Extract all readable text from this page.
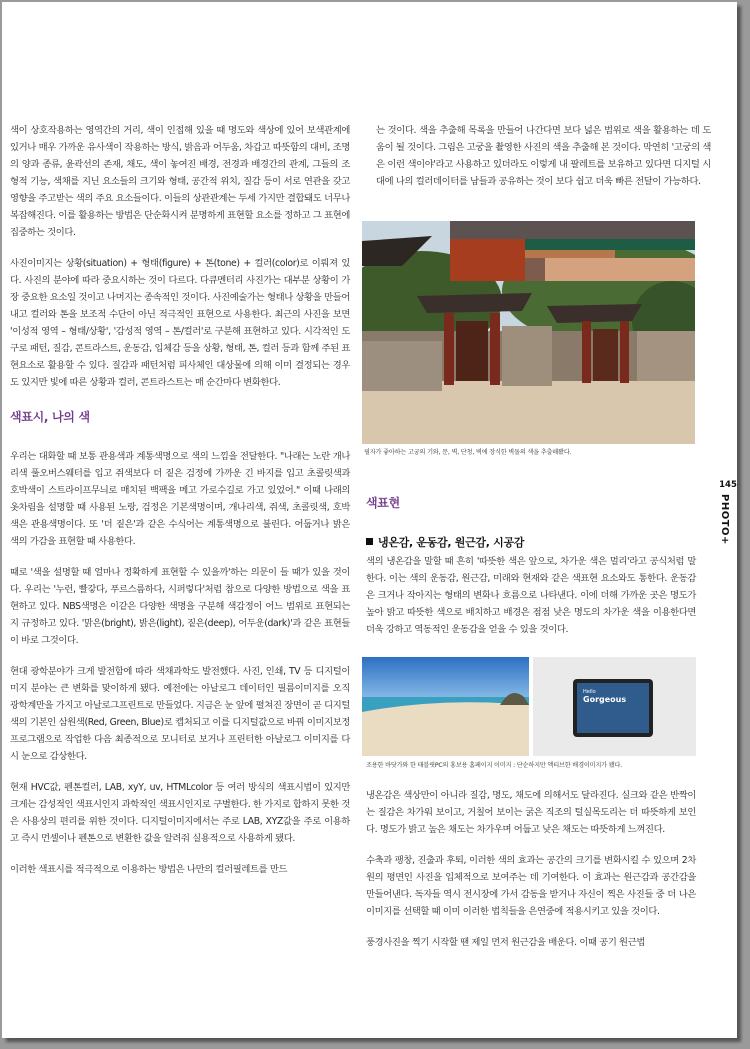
색이 상호작용하는 영역간의 거리, 색이 인접해 있을 때 명도와 색상에 있어 보색관계에 있거나 매우 가까운 유사색이 작용하는 방식, 밝음과 어두움, 차갑고 따뜻함의 대비, 조명의 양과 종류, 윤곽선의 존재, 채도, 색이 놓여진 배경, 전경과 배경간의 관계, 그들의 조형적 기능, 색채를 지닌 요소들의 크기와 형태, 공간적 위치, 질감 등이 서로 연관을 갖고 영향을 주고받는 색의 주요 요소들이다. 이들의 상관관계는 두세 가지만 결합돼도 너무나 복잡해진다. 이를 활용하는 방법은 단순화시켜 분명하게 표현할 요소를 정하고 그 표현에 집중하는 것이다.

사진이미지는 상황(situation) + 형태(figure) + 톤(tone) + 컬러(color)로 이뤄져 있다. 사진의 분야에 따라 중요시하는 것이 다르다. 다큐멘터리 사진가는 대부분 상황이 가장 중요한 요소일 것이고 나머지는 종속적인 것이다. 사진예술가는 형태나 상황을 만들어내고 컬러와 톤을 보조적 수단이 아닌 적극적인 표현으로 사용한다. 최근의 사진을 보면 '이성적 영역 – 형태/상황', '감성적 영역 – 톤/컬러'로 구분해 표현하고 있다. 시각적인 도구로 패턴, 질감, 콘트라스트, 운동감, 입체감 등을 상황, 형태, 톤, 컬러 등과 함께 주된 표현요소로 활용할 수 있다. 질감과 패턴처럼 피사체인 대상물에 의해 이미 결정되는 경우도 있지만 빛에 따른 상황과 컬러, 콘트라스트는 매 순간마다 변화한다.

색표시, 나의 색

우리는 대화할 때 보통 관용색과 계통색명으로 색의 느낌을 전달한다. "나래는 노란 개나리색 풀오버스웨터를 입고 쥐색보다 더 짙은 검정에 가까운 긴 바지를 입고 초콜릿색과 호박색이 스트라이프무늬로 매치된 백팩을 메고 가로수길로 가고 있었어." 이때 나래의 옷차림을 설명할 때 사용된 노랑, 검정은 기본색명이며, 개나리색, 쥐색, 초콜릿색, 호박색은 관용색명이다. 또 '더 짙은'과 같은 수식어는 계통색명으로 불린다. 어둡거나 밝은 색의 가감을 표현할 때 사용한다.

때로 '색을 설명할 때 얼마나 정확하게 표현할 수 있을까'하는 의문이 들 때가 있을 것이다. 우리는 '누런, 빨갛다, 푸르스름하다, 시퍼렇다'처럼 참으로 다양한 방법으로 색을 표현하고 있다. NBS색명은 이같은 다양한 색명을 구분해 색감정이 어느 범위로 표현되는지 규정하고 있다. '맑은(bright), 밝은(light), 짙은(deep), 어두운(dark)'과 같은 표현들이 바로 그것이다.

현대 광학분야가 크게 발전함에 따라 색채과학도 발전했다. 사진, 인쇄, TV 등 디지털이미지 분야는 큰 변화를 맞이하게 됐다. 예전에는 아날로그 데이터인 필름이미지를 오직 광학계만을 가지고 아날로그프린트로 만들었다. 지금은 눈 앞에 펼쳐진 장면이 곧 디지털색의 기본인 삼원색(Red, Green, Blue)로 캡처되고 이를 디지털값으로 바꿔 이미지보정프로그램으로 작업한 다음 최종적으로 모니터로 보거나 프린터한 아날로그 이미지를 다시 눈으로 감상한다.

현재 HVC값, 펜톤컬러, LAB, xyY, uv, HTMLcolor 등 여러 방식의 색표시법이 있지만 크게는 감성적인 색표시인지 과학적인 색표시인지로 구별한다. 한 가지로 합하지 못한 것은 사용상의 편리를 위한 것이다. 디지털이미지에서는 주로 LAB, XYZ값을 주로 이용하고 즉시 먼셀이나 펜톤으로 변환한 값을 알려줘 실용적으로 사용하게 됐다.

이러한 색표시를 적극적으로 이용하는 방법은 나만의 컬러필레트를 만드

는 것이다. 색을 추출해 목록을 만들어 나간다면 보다 넓은 범위로 색을 활용하는 데 도움이 될 것이다. 그림은 고궁을 촬영한 사진의 색을 추출해 본 것이다. 막연히 '고궁의 색은 이런 색이야'라고 사용하고 있더라도 이렇게 내 팔레트를 보유하고 있다면 디지털 시대에 나의 컬러데이터를 남들과 공유하는 것이 보다 쉽고 더욱 빠른 전달이 가능하다.

필자가 좋아하는 고궁의 기와, 문, 벽, 단청, 벽에 장식한 벽돌의 색을 추출해봤다.
색표현
냉온감, 운동감, 원근감, 시공감

색의 냉온감을 말할 때 흔히 '따뜻한 색은 앞으로, 차가운 색은 멀리'라고 공식처럼 말한다. 이는 색의 운동감, 원근감, 미래와 현재와 같은 색표현 요소와도 통한다. 운동감은 크거나 작아지는 형태의 변화나 흐름으로 나타낸다. 이에 더해 가까운 곳은 명도가 높아 밝고 따뜻한 색으로 배치하고 배경은 점점 낮은 명도의 차가운 색을 이용한다면 더욱 강하고 역동적인 운동감을 얻을 수 있을 것이다.

Hello
Gorgeous
조용한 바닷가와 한 태블릿PC의 홍보용 홈페이지 이미지 : 단순하지만 액티브한 배경이미지가 됐다.

냉온감은 색상만이 아니라 질감, 명도, 채도에 의해서도 달라진다. 실크와 같은 반짝이는 질감은 차가워 보이고, 거칠어 보이는 굵은 직조의 털실목도리는 더 따뜻하게 보인다. 명도가 밝고 높은 채도는 차가우며 어둡고 낮은 채도는 따뜻하게 느껴진다.

수축과 팽창, 진출과 후퇴, 이러한 색의 효과는 공간의 크기를 변화시킬 수 있으며 2차원의 평면인 사진을 입체적으로 보여주는 데 기여한다. 이 효과는 원근감과 공간감을 만들어낸다. 독자들 역시 전시장에 가서 감동을 받거나 자신이 찍은 사진들 중 더 나은 이미지를 선택할 때 이미 이러한 법칙들을 은연중에 적용시키고 있을 것이다.

풍경사진을 찍기 시작할 땐 제일 먼저 원근감을 배운다. 이때 공기 원근법

145
PHOTO+
